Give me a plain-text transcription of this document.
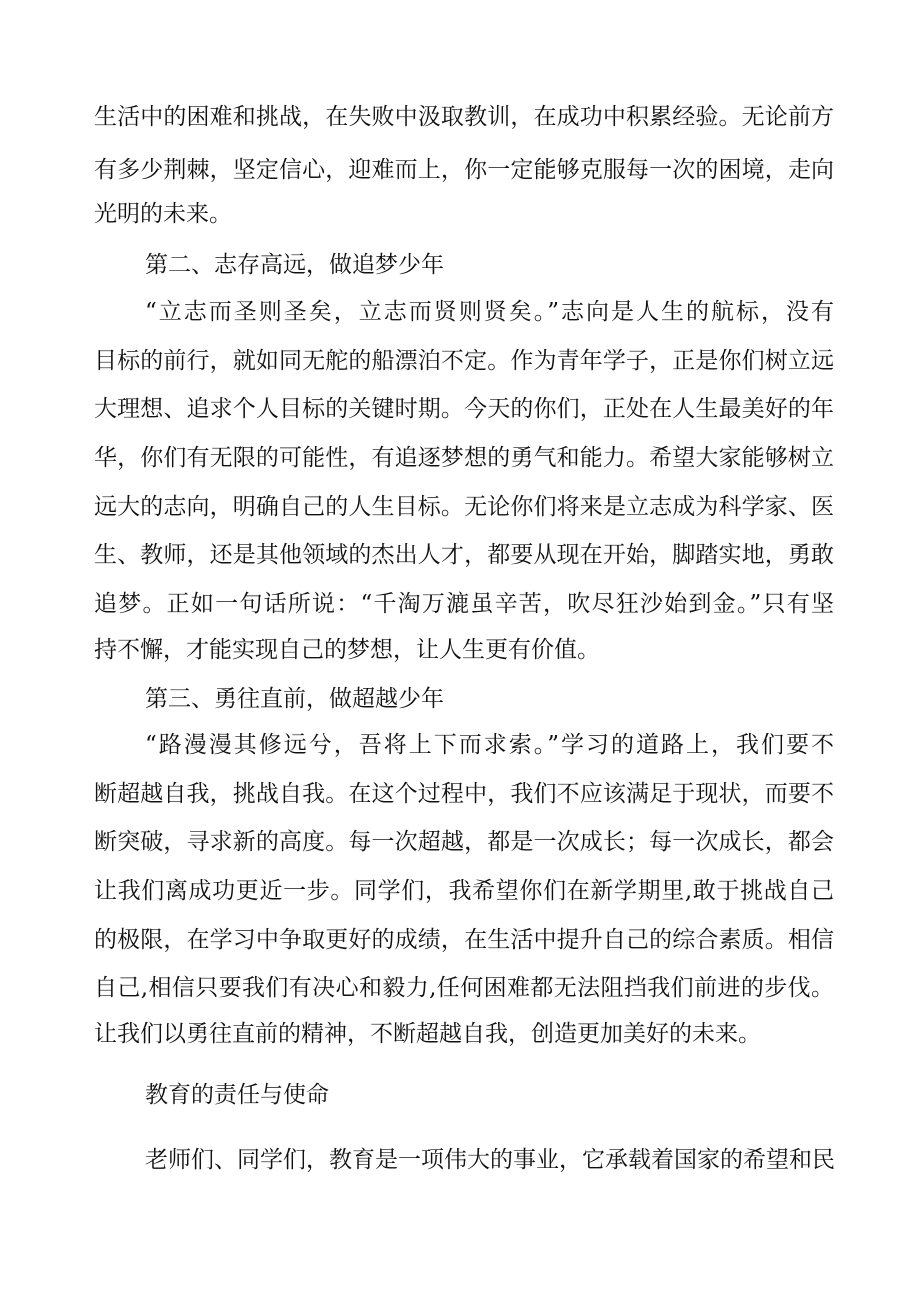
生活中的困难和挑战，在失败中汲取教训，在成功中积累经验。无论前方
有多少荆棘，坚定信心，迎难而上，你一定能够克服每一次的困境，走向
光明的未来。
第二、志存高远，做追梦少年
“立志而圣则圣矣，立志而贤则贤矣。”志向是人生的航标，没有
目标的前行，就如同无舵的船漂泊不定。作为青年学子，正是你们树立远
大理想、追求个人目标的关键时期。今天的你们，正处在人生最美好的年
华，你们有无限的可能性，有追逐梦想的勇气和能力。希望大家能够树立
远大的志向，明确自己的人生目标。无论你们将来是立志成为科学家、医
生、教师，还是其他领域的杰出人才，都要从现在开始，脚踏实地，勇敢
追梦。正如一句话所说：“千淘万漉虽辛苦，吹尽狂沙始到金。”只有坚
持不懈，才能实现自己的梦想，让人生更有价值。
第三、勇往直前，做超越少年
“路漫漫其修远兮，吾将上下而求索。”学习的道路上，我们要不
断超越自我，挑战自我。在这个过程中，我们不应该满足于现状，而要不
断突破，寻求新的高度。每一次超越，都是一次成长；每一次成长，都会
让我们离成功更近一步。同学们，我希望你们在新学期里,敢于挑战自己
的极限，在学习中争取更好的成绩，在生活中提升自己的综合素质。相信
自己,相信只要我们有决心和毅力,任何困难都无法阻挡我们前进的步伐。
让我们以勇往直前的精神，不断超越自我，创造更加美好的未来。
教育的责任与使命
老师们、同学们，教育是一项伟大的事业，它承载着国家的希望和民
